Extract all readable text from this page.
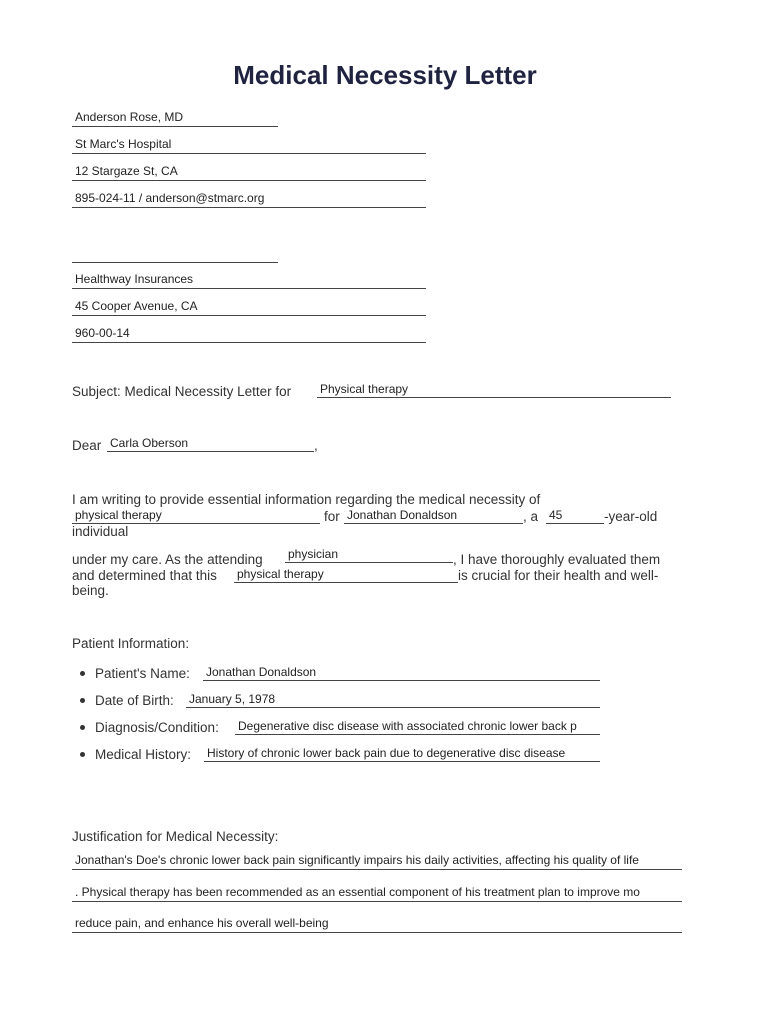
Medical Necessity Letter
Anderson Rose, MD
St Marc's Hospital
12 Stargaze St, CA
895-024-11 / anderson@stmarc.org
Healthway Insurances
45 Cooper Avenue, CA
960-00-14
Subject: Medical Necessity Letter for Physical therapy
Dear Carla Oberson	,
I am writing to provide essential information regarding the medical necessity of
physical therapy	for Jonathan Donaldson	, a 45	-year-old
individual
under my care. As the attending physician	, I have thoroughly evaluated them
and determined that this physical therapy	is crucial for their health and well-
being.
Patient Information:
Patient's Name: Jonathan Donaldson
Date of Birth: January 5, 1978
Diagnosis/Condition: Degenerative disc disease with associated chronic lower back p
Medical History: History of chronic lower back pain due to degenerative disc disease
Justification for Medical Necessity:
Jonathan's Doe's chronic lower back pain significantly impairs his daily activities, affecting his quality of life
. Physical therapy has been recommended as an essential component of his treatment plan to improve mo
reduce pain, and enhance his overall well-being
